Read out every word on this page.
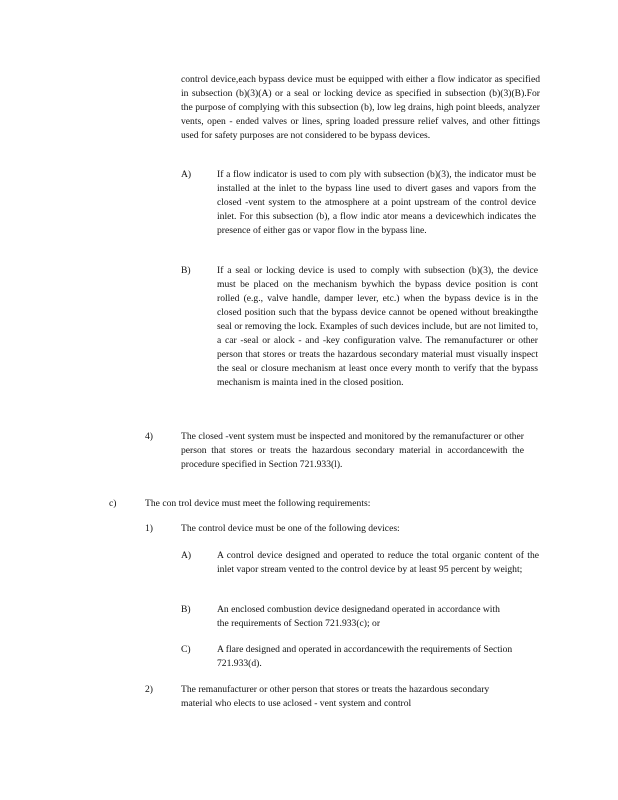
control device,each bypass device must be equipped with either a flow indicator as specified in subsection (b)(3)(A) or a seal or locking device as specified in subsection (b)(3)(B).For the purpose of complying with this subsection (b), low leg drains, high point bleeds, analyzer vents, open - ended valves or lines, spring loaded pressure relief valves, and other fittings used for safety purposes are not considered to be bypass devices.

A)	If a flow indicator is used to com ply with subsection (b)(3), the indicator must be installed at the inlet to the bypass line used to divert gases and vapors from the closed -vent system to the atmosphere at a point upstream of the control device inlet. For this subsection (b), a flow indic ator means a devicewhich indicates the presence of either gas or vapor flow in the bypass line.

B)	If a seal or locking device is used to comply with subsection (b)(3), the device must be placed on the mechanism bywhich the bypass device position is cont rolled (e.g., valve handle, damper lever, etc.) when the bypass device is in the closed position such that the bypass device cannot be opened without breakingthe seal or removing the lock. Examples of such devices include, but are not limited to, a car -seal or alock - and -key configuration valve. The remanufacturer or other person that stores or treats the hazardous secondary material must visually inspect the seal or closure mechanism at least once every month to verify that the bypass mechanism is mainta ined in the closed position.

4)	The closed -vent system must be inspected and monitored by the remanufacturer or other person that stores or treats the hazardous secondary material in accordancewith the procedure specified in Section 721.933(l).

c)	The con trol device must meet the following requirements:

1)	The control device must be one of the following devices:

A)	A control device designed and operated to reduce the total organic content of the inlet vapor stream vented to the control device by at least 95 percent by weight;

B)	An enclosed combustion device designedand operated in accordance with the requirements of Section 721.933(c); or

C)	A flare designed and operated in accordancewith the requirements of Section 721.933(d).

2)	The remanufacturer or other person that stores or treats the hazardous secondary material who elects to use aclosed - vent system and control
